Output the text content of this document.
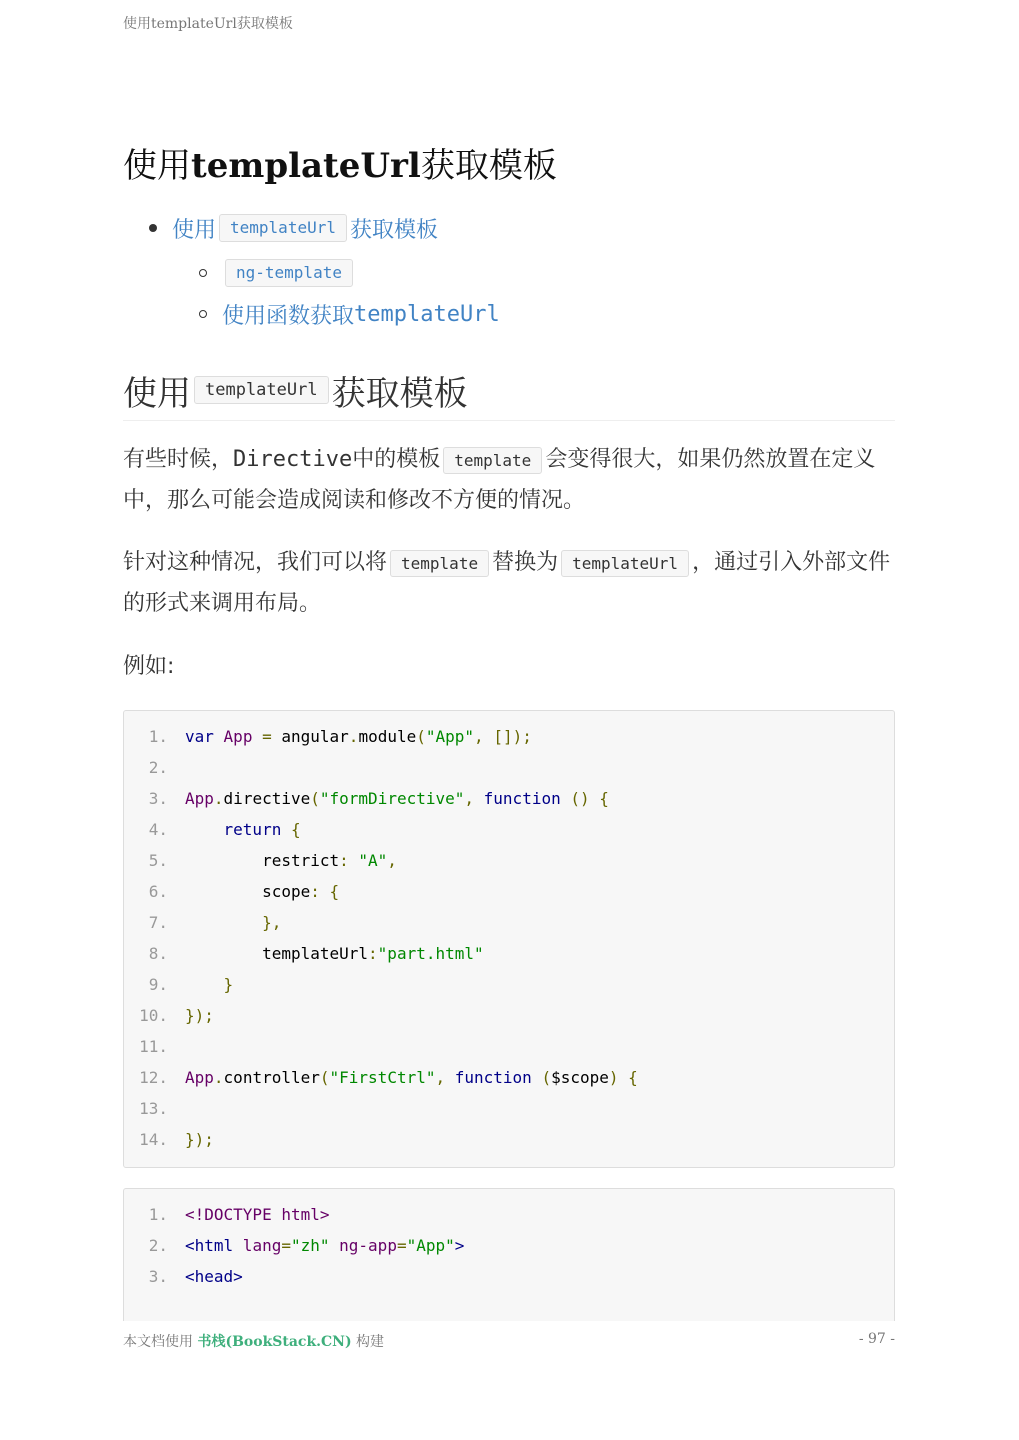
使用templateUrl获取模板
使用templateUrl获取模板
使用 templateUrl 获取模板
ng-template
使用函数获取 templateUrl
使用 templateUrl 获取模板

有些时候，Directive中的模板 template 会变得很大，如果仍然放置在定义中，那么可能会造成阅读和修改不方便的情况。

针对这种情况，我们可以将 template 替换为 templateUrl ，通过引入外部文件的形式来调用布局。

例如:

1. var App = angular.module("App", []);
2.
3. App.directive("formDirective", function () {
4.	return {
5.	restrict: "A",
6.	scope: {
7.	},
8.	templateUrl:"part.html"
9.	}
10. });
11.
12. App.controller("FirstCtrl", function ($scope) {
13.
14. });
1. <!DOCTYPE html>
2. <html lang="zh" ng-app="App">
3. <head>
本文档使用 书栈(BookStack.CN) 构建	- 97 -
